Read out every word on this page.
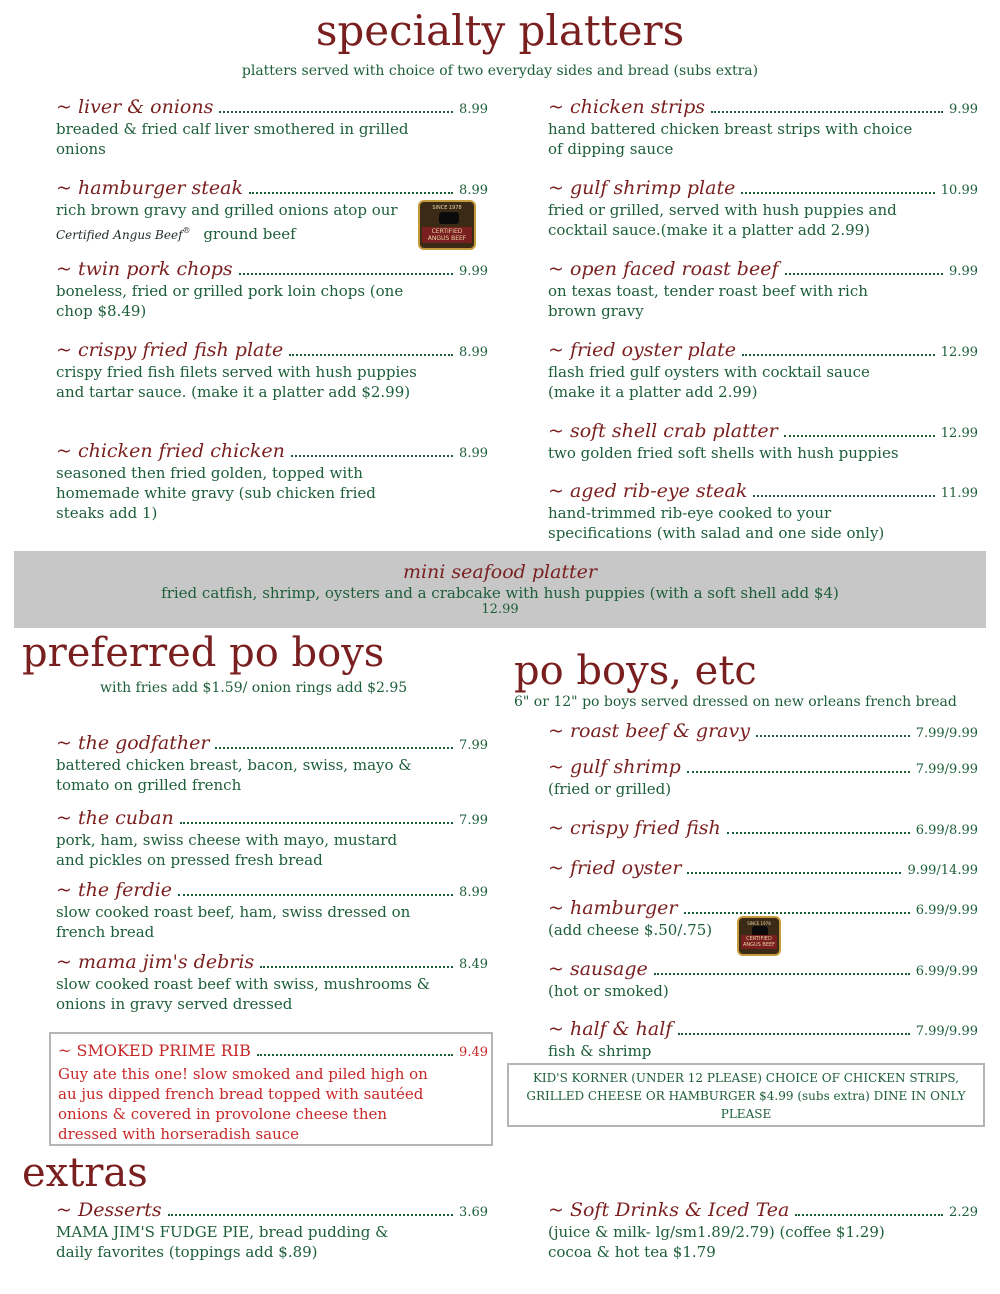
specialty platters
platters served with choice of two everyday sides and bread (subs extra)
~ liver & onions	8.99
breaded & fried calf liver smothered in grilled onions
~ hamburger steak	8.99
rich brown gravy and grilled onions atop our
Certified Angus Beef® ground beef
SINCE 1978
CERTIFIED
ANGUS BEEF
~ twin pork chops	9.99
boneless, fried or grilled pork loin chops (one chop $8.49)
~ crispy fried fish plate	8.99
crispy fried fish filets served with hush puppies and tartar sauce. (make it a platter add $2.99)
~ chicken fried chicken	8.99
seasoned then fried golden, topped with homemade white gravy (sub chicken fried steaks add 1)
~ chicken strips	9.99
hand battered chicken breast strips with choice of dipping sauce
~ gulf shrimp plate	10.99
fried or grilled, served with hush puppies and cocktail sauce.(make it a platter add 2.99)
~ open faced roast beef	9.99
on texas toast, tender roast beef with rich brown gravy
~ fried oyster plate	12.99
flash fried gulf oysters with cocktail sauce (make it a platter add 2.99)
~ soft shell crab platter	12.99
two golden fried soft shells with hush puppies
~ aged rib-eye steak	11.99
hand-trimmed rib-eye cooked to your specifications (with salad and one side only)
mini seafood platter
fried catfish, shrimp, oysters and a crabcake with hush puppies (with a soft shell add $4)
12.99
preferred po boys
with fries add $1.59/ onion rings add $2.95
~ the godfather	7.99
battered chicken breast, bacon, swiss, mayo & tomato on grilled french
~ the cuban	7.99
pork, ham, swiss cheese with mayo, mustard and pickles on pressed fresh bread
~ the ferdie	8.99
slow cooked roast beef, ham, swiss dressed on french bread
~ mama jim's debris	8.49
slow cooked roast beef with swiss, mushrooms & onions in gravy served dressed
~ SMOKED PRIME RIB	9.49
Guy ate this one! slow smoked and piled high on au jus dipped french bread topped with sautéed onions & covered in provolone cheese then dressed with horseradish sauce
po boys, etc
6" or 12" po boys served dressed on new orleans french bread
~ roast beef & gravy	7.99/9.99
~ gulf shrimp	7.99/9.99
(fried or grilled)
~ crispy fried fish	6.99/8.99
~ fried oyster	9.99/14.99
~ hamburger	6.99/9.99
(add cheese $.50/.75)	SINCE 1978
CERTIFIED
ANGUS BEEF
~ sausage	6.99/9.99
(hot or smoked)
~ half & half	7.99/9.99
fish & shrimp
KID'S KORNER (UNDER 12 PLEASE) CHOICE OF CHICKEN STRIPS, GRILLED CHEESE OR HAMBURGER $4.99 (subs extra) DINE IN ONLY PLEASE
extras
~ Desserts	3.69
MAMA JIM'S FUDGE PIE, bread pudding & daily favorites (toppings add $.89)
~ Soft Drinks & Iced Tea	2.29
(juice & milk- lg/sm1.89/2.79) (coffee $1.29) cocoa & hot tea $1.79
